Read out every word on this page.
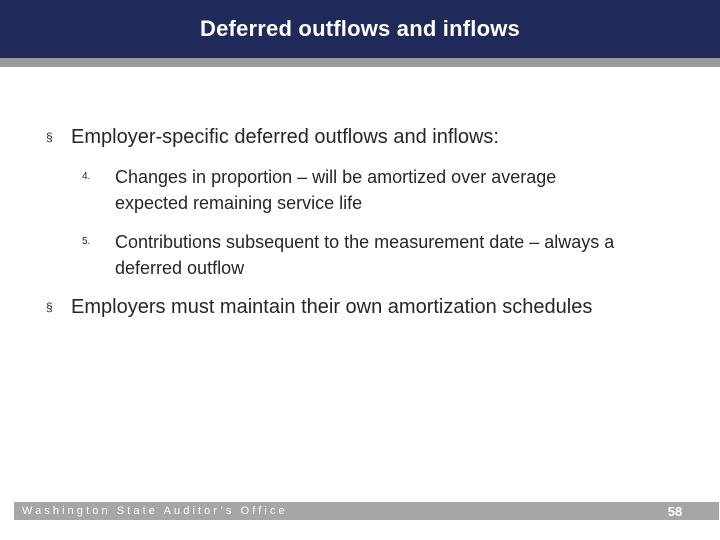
Deferred outflows and inflows
§ Employer-specific deferred outflows and inflows:
4. Changes in proportion – will be amortized over average
expected remaining service life
5. Contributions subsequent to the measurement date – always a
deferred outflow
§ Employers must maintain their own amortization schedules
Washington State Auditor’s Office	58
